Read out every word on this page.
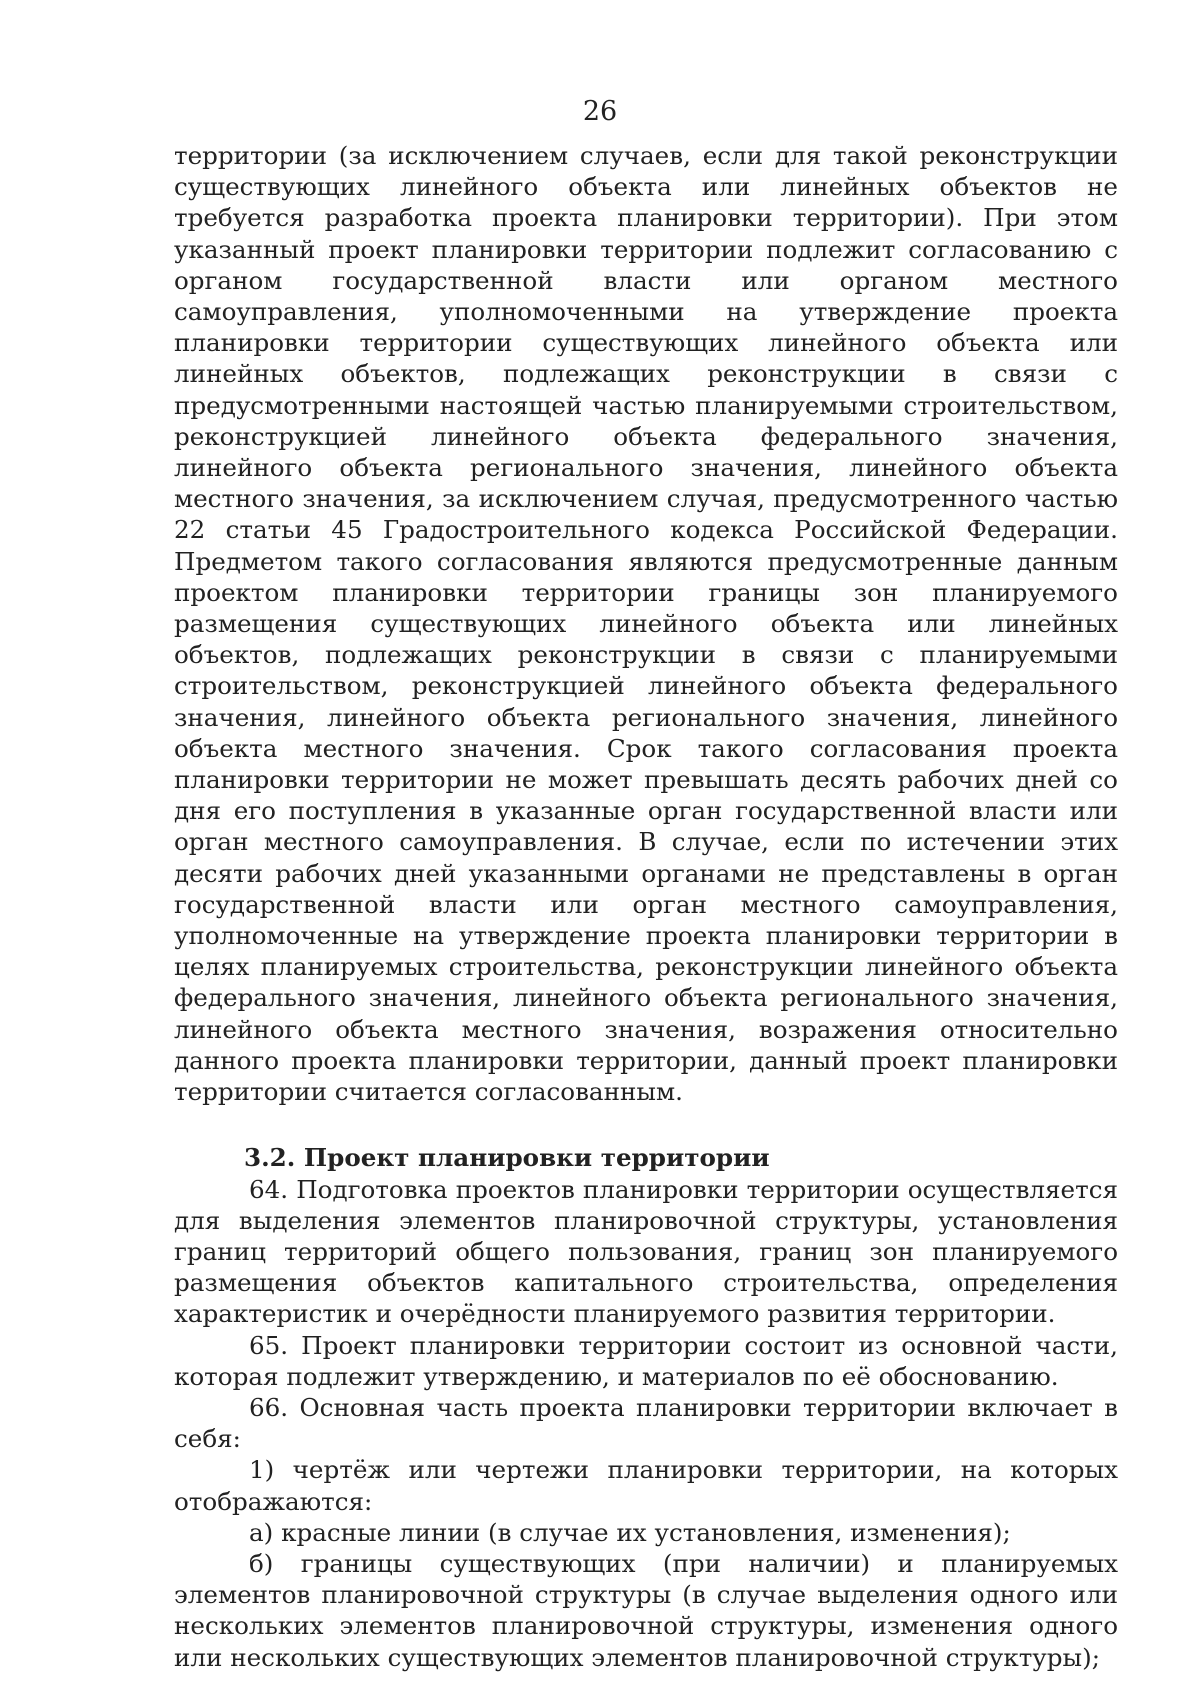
26

территории (за исключением случаев, если для такой реконструкции существующих линейного объекта или линейных объектов не требуется разработка проекта планировки территории). При этом указанный проект планировки территории подлежит согласованию с органом государственной власти или органом местного самоуправления, уполномоченными на утверждение проекта планировки территории существующих линейного объекта или линейных объектов, подлежащих реконструкции в связи с предусмотренными настоящей частью планируемыми строительством, реконструкцией линейного объекта федерального значения, линейного объекта регионального значения, линейного объекта местного значения, за исключением случая, предусмотренного частью 22 статьи 45 Градостроительного кодекса Российской Федерации. Предметом такого согласования являются предусмотренные данным проектом планировки территории границы зон планируемого размещения существующих линейного объекта или линейных объектов, подлежащих реконструкции в связи с планируемыми строительством, реконструкцией линейного объекта федерального значения, линейного объекта регионального значения, линейного объекта местного значения. Срок такого согласования проекта планировки территории не может превышать десять рабочих дней со дня его поступления в указанные орган государственной власти или орган местного самоуправления. В случае, если по истечении этих десяти рабочих дней указанными органами не представлены в орган государственной власти или орган местного самоуправления, уполномоченные на утверждение проекта планировки территории в целях планируемых строительства, реконструкции линейного объекта федерального значения, линейного объекта регионального значения, линейного объекта местного значения, возражения относительно данного проекта планировки территории, данный проект планировки территории считается согласованным.

3.2. Проект планировки территории

64. Подготовка проектов планировки территории осуществляется для выделения элементов планировочной структуры, установления границ территорий общего пользования, границ зон планируемого размещения объектов капитального строительства, определения характеристик и очерёдности планируемого развития территории.

65. Проект планировки территории состоит из основной части, которая подлежит утверждению, и материалов по её обоснованию.

66. Основная часть проекта планировки территории включает в себя:

1) чертёж или чертежи планировки территории, на которых отображаются:

а) красные линии (в случае их установления, изменения);

б) границы существующих (при наличии) и планируемых элементов планировочной структуры (в случае выделения одного или нескольких элементов планировочной структуры, изменения одного или нескольких существующих элементов планировочной структуры);
